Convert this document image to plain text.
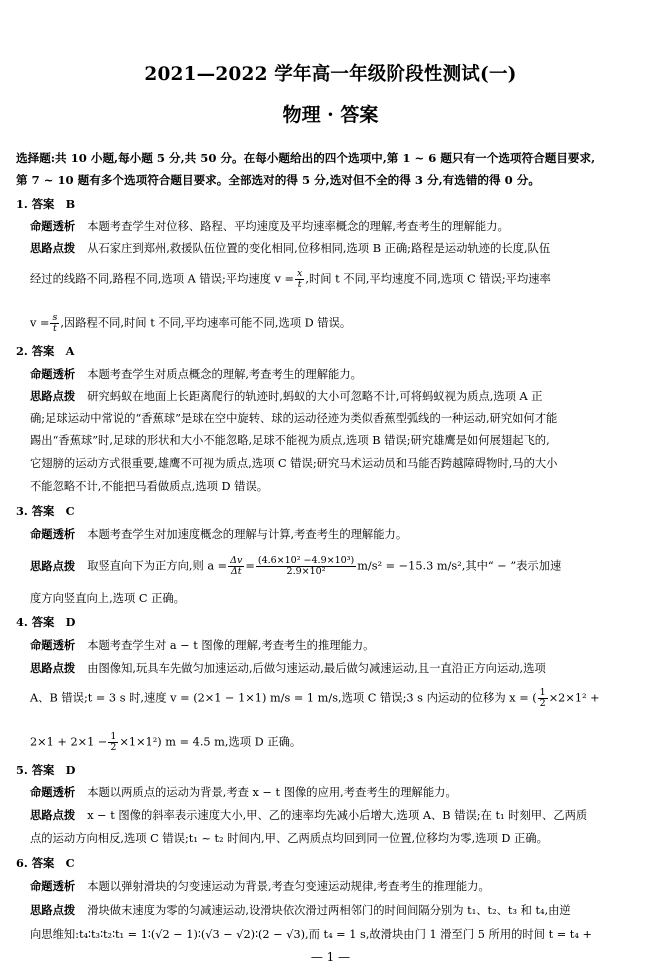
2021—2022 学年高一年级阶段性测试(一)
物理 · 答案
选择题:共 10 小题,每小题 5 分,共 50 分。在每小题给出的四个选项中,第 1 ~ 6 题只有一个选项符合题目要求,
第 7 ~ 10 题有多个选项符合题目要求。全部选对的得 5 分,选对但不全的得 3 分,有选错的得 0 分。
1. 答案　B
命题透析 本题考查学生对位移、路程、平均速度及平均速率概念的理解,考查考生的理解能力。
思路点拨 从石家庄到郑州,救援队伍位置的变化相同,位移相同,选项 B 正确;路程是运动轨迹的长度,队伍
经过的线路不同,路程不同,选项 A 错误;平均速度 $v = \frac{x}{t}$ ,时间 t 不同,平均速度不同,选项 C 错误;平均速率
$v = \frac{s}{t}$ ,因路程不同,时间 t 不同,平均速率可能不同,选项 D 错误。
2. 答案　A
命题透析 本题考查学生对质点概念的理解,考查考生的理解能力。
思路点拨 研究蚂蚁在地面上长距离爬行的轨迹时,蚂蚁的大小可忽略不计,可将蚂蚁视为质点,选项 A 正
确;足球运动中常说的“香蕉球”是球在空中旋转、球的运动径迹为类似香蕉型弧线的一种运动,研究如何才能
踢出“香蕉球”时,足球的形状和大小不能忽略,足球不能视为质点,选项 B 错误;研究雄鹰是如何展翅起飞的,
它翅膀的运动方式很重要,雄鹰不可视为质点,选项 C 错误;研究马术运动员和马能否跨越障碍物时,马的大小
不能忽略不计,不能把马看做质点,选项 D 错误。
3. 答案　C
命题透析 本题考查学生对加速度概念的理解与计算,考查考生的理解能力。
思路点拨 取竖直向下为正方向,则 $a = \frac{\Delta v}{\Delta t} = \frac{\text{(4.6×10² −4.9×10³)}}{\text{2.9×10²}} m/s^2 = -15.3$ m/s²,其中“ − ”表示加速
度方向竖直向上,选项 C 正确。
4. 答案　D
命题透析 本题考查学生对 a − t 图像的理解,考查考生的推理能力。
思路点拨 由图像知,玩具车先做匀加速运动,后做匀速运动,最后做匀减速运动,且一直沿正方向运动,选项
A、B 错误;t = 3 s 时,速度 v = (2×1 − 1×1) m/s = 1 m/s,选项 C 错误;3 s 内运动的位移为 x = ( $\frac{1}{2} \times 2\times 1^2$ +
$2\times 1 + 2\times 1 - \frac{1}{2} \times 1\times 1^2$) m = 4.5 m,选项 D 正确。
5. 答案　D
命题透析 本题以两质点的运动为背景,考查 x − t 图像的应用,考查考生的理解能力。
思路点拨 x − t 图像的斜率表示速度大小,甲、乙的速率均先减小后增大,选项 A、B 错误;在 t₁ 时刻甲、乙两质
点的运动方向相反,选项 C 错误;t₁ ~ t₂ 时间内,甲、乙两质点均回到同一位置,位移均为零,选项 D 正确。
6. 答案　C
命题透析 本题以弹射滑块的匀变速运动为背景,考查匀变速运动规律,考查考生的推理能力。
思路点拨 滑块做末速度为零的匀减速运动,设滑块依次滑过两相邻门的时间间隔分别为 t₁、t₂、t₃ 和 t₄,由逆
向思维知:t₄∶t₃∶t₂∶t₁ = 1∶(√2 − 1)∶(√3 − √2)∶(2 − √3),而 t₄ = 1 s,故滑块由门 1 滑至门 5 所用的时间 t = t₄ +
— 1 —
